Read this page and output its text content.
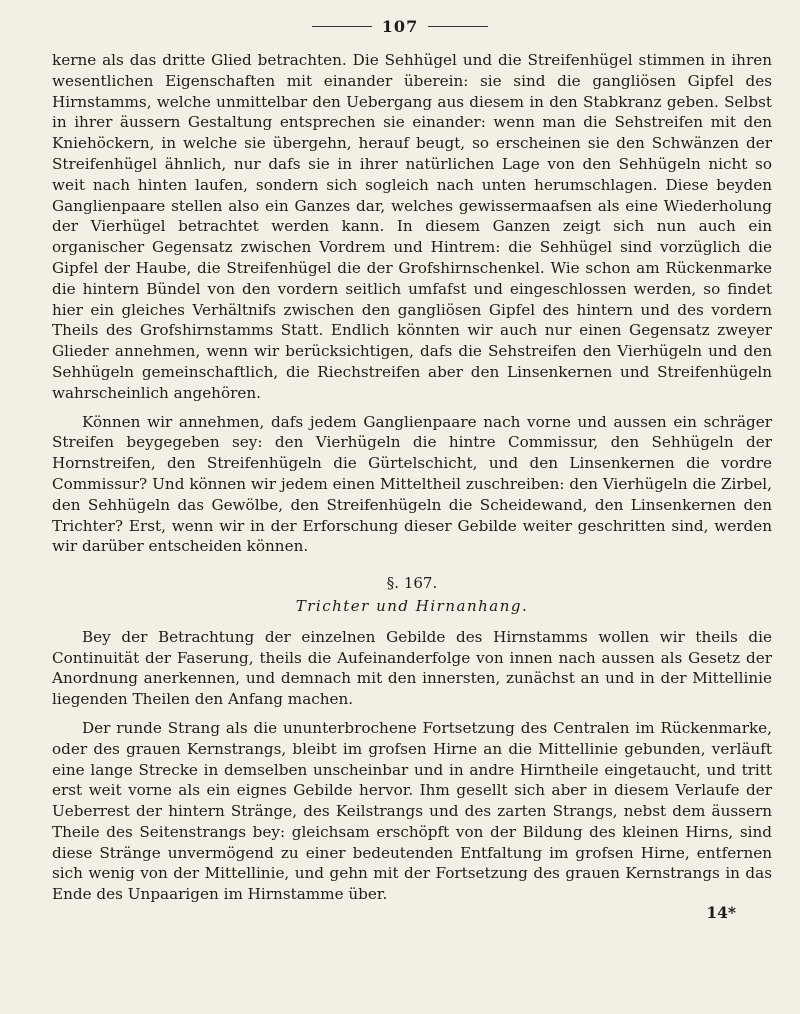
107

kerne als das dritte Glied betrachten. Die Sehhügel und die Streifenhügel stimmen in ihren wesentlichen Eigenschaften mit einander überein: sie sind die gangliösen Gipfel des Hirnstamms, welche unmittelbar den Uebergang aus diesem in den Stabkranz geben. Selbst in ihrer äussern Gestaltung entsprechen sie einander: wenn man die Sehstreifen mit den Kniehöckern, in welche sie übergehn, herauf beugt, so erscheinen sie den Schwänzen der Streifenhügel ähnlich, nur dafs sie in ihrer natürlichen Lage von den Sehhügeln nicht so weit nach hinten laufen, sondern sich sogleich nach unten herumschlagen. Diese beyden Ganglienpaare stellen also ein Ganzes dar, welches gewissermaafsen als eine Wiederholung der Vierhügel betrachtet werden kann. In diesem Ganzen zeigt sich nun auch ein organischer Gegensatz zwischen Vordrem und Hintrem: die Sehhügel sind vorzüglich die Gipfel der Haube, die Streifenhügel die der Grofshirnschenkel. Wie schon am Rückenmarke die hintern Bündel von den vordern seitlich umfafst und eingeschlossen werden, so findet hier ein gleiches Verhältnifs zwischen den gangliösen Gipfel des hintern und des vordern Theils des Grofshirnstamms Statt. Endlich könnten wir auch nur einen Gegensatz zweyer Glieder annehmen, wenn wir berücksichtigen, dafs die Sehstreifen den Vierhügeln und den Sehhügeln gemeinschaftlich, die Riechstreifen aber den Linsenkernen und Streifenhügeln wahrscheinlich angehören.

Können wir annehmen, dafs jedem Ganglienpaare nach vorne und aussen ein schräger Streifen beygegeben sey: den Vierhügeln die hintre Commissur, den Sehhügeln der Hornstreifen, den Streifenhügeln die Gürtelschicht, und den Linsenkernen die vordre Commissur? Und können wir jedem einen Mitteltheil zuschreiben: den Vierhügeln die Zirbel, den Sehhügeln das Gewölbe, den Streifenhügeln die Scheidewand, den Linsenkernen den Trichter? Erst, wenn wir in der Erforschung dieser Gebilde weiter geschritten sind, werden wir darüber entscheiden können.

§. 167.

Trichter und Hirnanhang.

Bey der Betrachtung der einzelnen Gebilde des Hirnstamms wollen wir theils die Continuität der Faserung, theils die Aufeinanderfolge von innen nach aussen als Gesetz der Anordnung anerkennen, und demnach mit den innersten, zunächst an und in der Mittellinie liegenden Theilen den Anfang machen.

Der runde Strang als die ununterbrochene Fortsetzung des Centralen im Rückenmarke, oder des grauen Kernstrangs, bleibt im grofsen Hirne an die Mittellinie gebunden, verläuft eine lange Strecke in demselben unscheinbar und in andre Hirntheile eingetaucht, und tritt erst weit vorne als ein eignes Gebilde hervor. Ihm gesellt sich aber in diesem Verlaufe der Ueberrest der hintern Stränge, des Keilstrangs und des zarten Strangs, nebst dem äussern Theile des Seitenstrangs bey: gleichsam erschöpft von der Bildung des kleinen Hirns, sind diese Stränge unvermögend zu einer bedeutenden Entfaltung im grofsen Hirne, entfernen sich wenig von der Mittellinie, und gehn mit der Fortsetzung des grauen Kernstrangs in das Ende des Unpaarigen im Hirnstamme über.

14*
